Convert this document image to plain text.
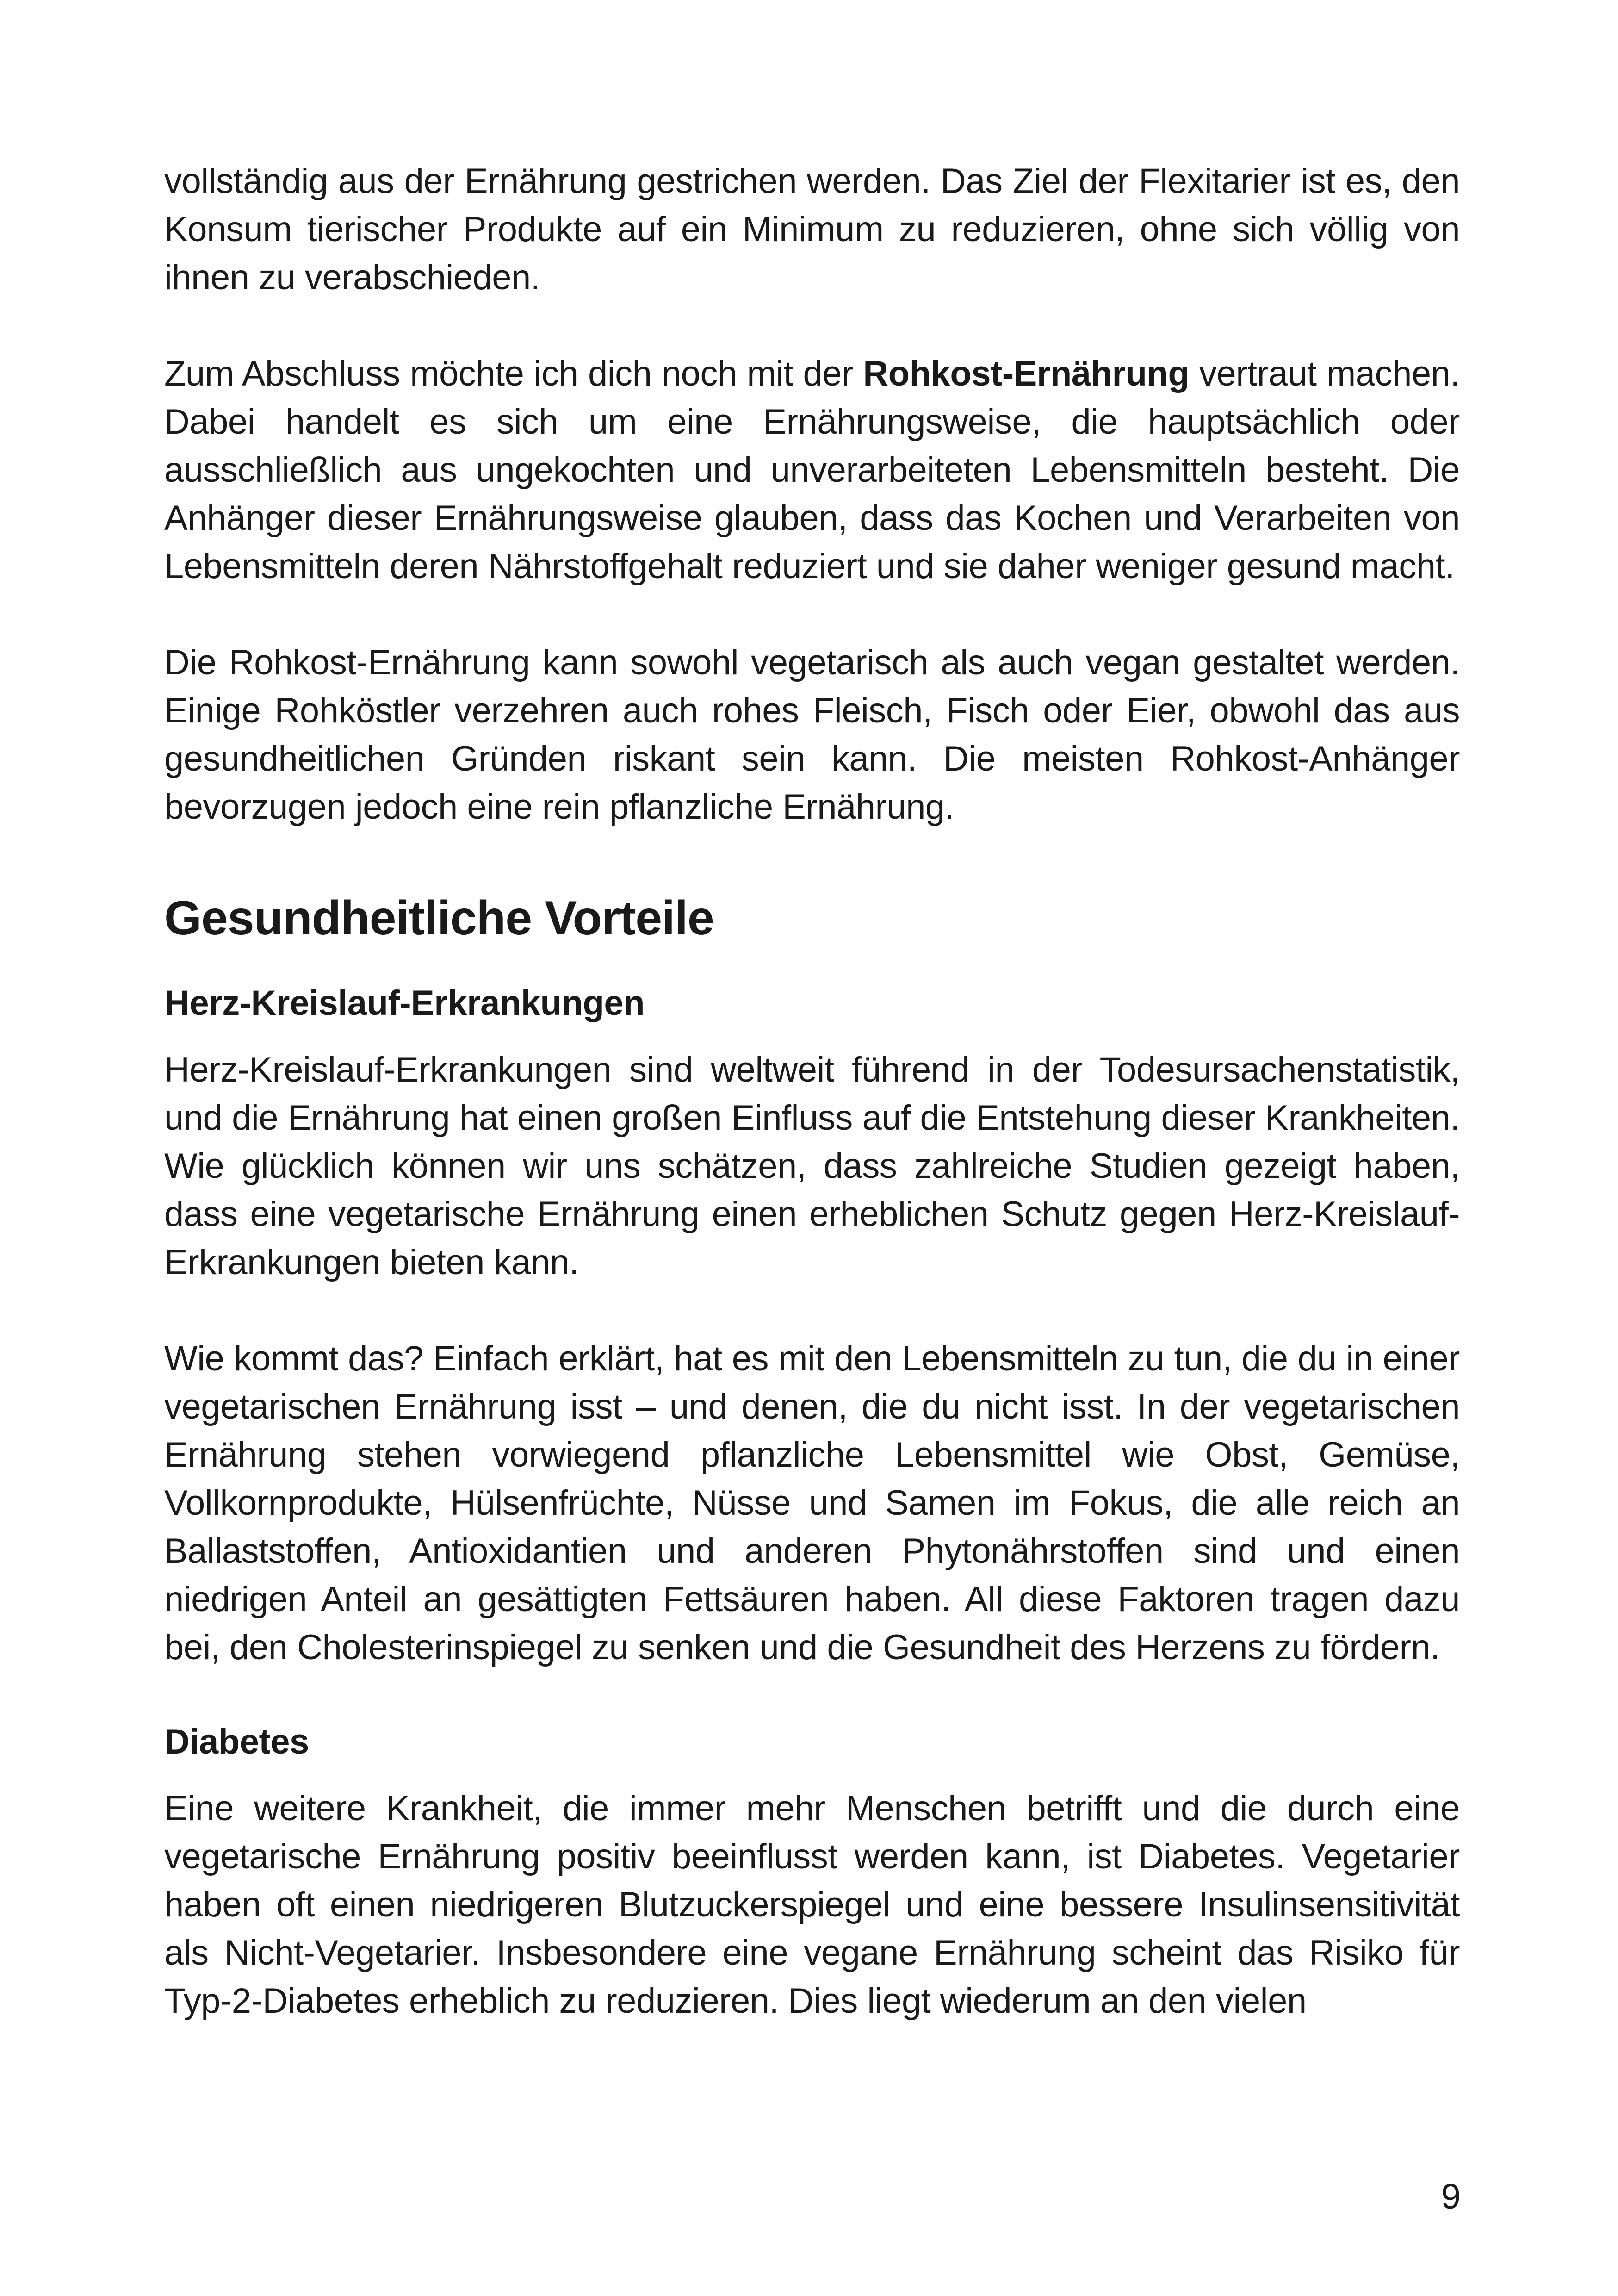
vollständig aus der Ernährung gestrichen werden. Das Ziel der Flexitarier ist es, den Konsum tierischer Produkte auf ein Minimum zu reduzieren, ohne sich völlig von ihnen zu verabschieden.

Zum Abschluss möchte ich dich noch mit der Rohkost-Ernährung vertraut machen. Dabei handelt es sich um eine Ernährungsweise, die hauptsächlich oder ausschließlich aus ungekochten und unverarbeiteten Lebensmitteln besteht. Die Anhänger dieser Ernährungsweise glauben, dass das Kochen und Verarbeiten von Lebensmitteln deren Nährstoffgehalt reduziert und sie daher weniger gesund macht.

Die Rohkost-Ernährung kann sowohl vegetarisch als auch vegan gestaltet werden. Einige Rohköstler verzehren auch rohes Fleisch, Fisch oder Eier, obwohl das aus gesundheitlichen Gründen riskant sein kann. Die meisten Rohkost-Anhänger bevorzugen jedoch eine rein pflanzliche Ernährung.

Gesundheitliche Vorteile
Herz-Kreislauf-Erkrankungen

Herz-Kreislauf-Erkrankungen sind weltweit führend in der Todesursachenstatistik, und die Ernährung hat einen großen Einfluss auf die Entstehung dieser Krankheiten. Wie glücklich können wir uns schätzen, dass zahlreiche Studien gezeigt haben, dass eine vegetarische Ernährung einen erheblichen Schutz gegen Herz-Kreislauf-Erkrankungen bieten kann.

Wie kommt das? Einfach erklärt, hat es mit den Lebensmitteln zu tun, die du in einer vegetarischen Ernährung isst – und denen, die du nicht isst. In der vegetarischen Ernährung stehen vorwiegend pflanzliche Lebensmittel wie Obst, Gemüse, Vollkornprodukte, Hülsenfrüchte, Nüsse und Samen im Fokus, die alle reich an Ballaststoffen, Antioxidantien und anderen Phytonährstoffen sind und einen niedrigen Anteil an gesättigten Fettsäuren haben. All diese Faktoren tragen dazu bei, den Cholesterinspiegel zu senken und die Gesundheit des Herzens zu fördern.

Diabetes

Eine weitere Krankheit, die immer mehr Menschen betrifft und die durch eine vegetarische Ernährung positiv beeinflusst werden kann, ist Diabetes. Vegetarier haben oft einen niedrigeren Blutzuckerspiegel und eine bessere Insulinsensitivität als Nicht-Vegetarier. Insbesondere eine vegane Ernährung scheint das Risiko für Typ-2-Diabetes erheblich zu reduzieren. Dies liegt wiederum an den vielen

9
